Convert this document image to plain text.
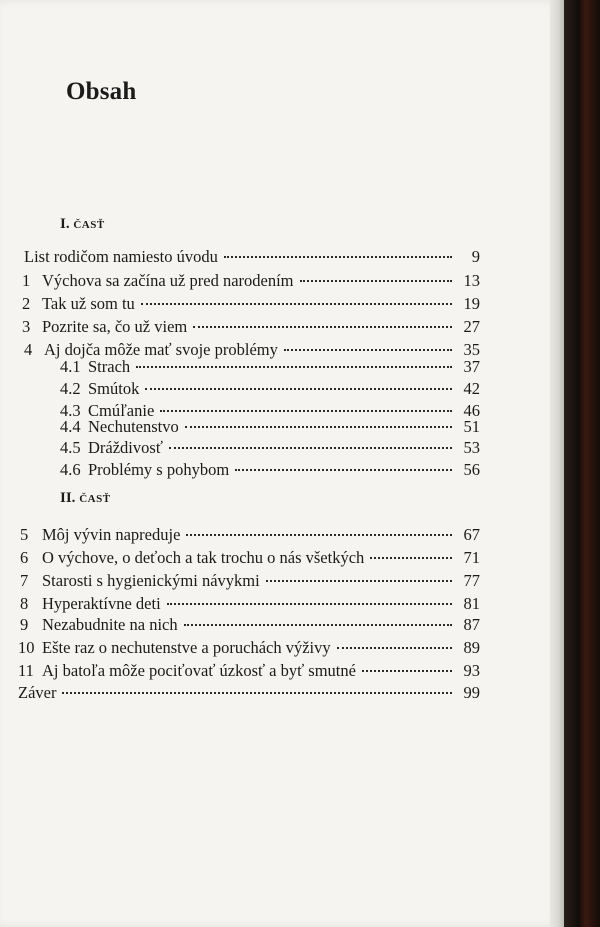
Obsah
I. ČASŤ
List rodičom namiesto úvodu	9
1 Výchova sa začína už pred narodením	13
2 Tak už som tu	19
3 Pozrite sa, čo už viem	27
4 Aj dojča môže mať svoje problémy	35
4.1 Strach	37
4.2 Smútok	42
4.3 Cmúľanie	46
4.4 Nechutenstvo	51
4.5 Dráždivosť	53
4.6 Problémy s pohybom	56
II. ČASŤ
5 Môj vývin napreduje	67
6 O výchove, o deťoch a tak trochu o nás všetkých	71
7 Starosti s hygienickými návykmi	77
8 Hyperaktívne deti	81
9 Nezabudnite na nich	87
10 Ešte raz o nechutenstve a poruchách výživy	89
11 Aj batoľa môže pociťovať úzkosť a byť smutné	93
Záver	99
